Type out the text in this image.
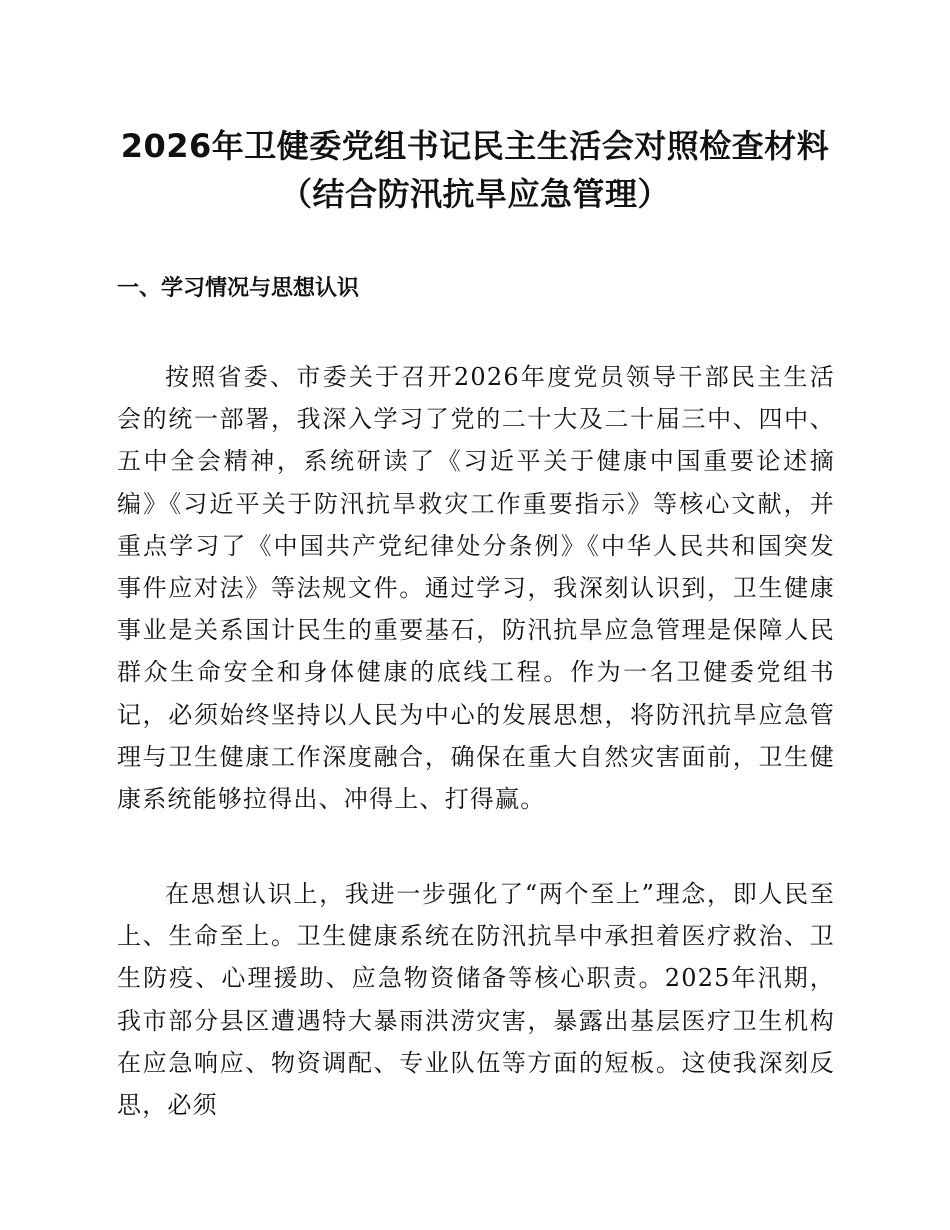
2026年卫健委党组书记民主生活会对照检查材料（结合防汛抗旱应急管理）
一、学习情况与思想认识

按照省委、市委关于召开2026年度党员领导干部民主生活会的统一部署，我深入学习了党的二十大及二十届三中、四中、五中全会精神，系统研读了《习近平关于健康中国重要论述摘编》《习近平关于防汛抗旱救灾工作重要指示》等核心文献，并重点学习了《中国共产党纪律处分条例》《中华人民共和国突发事件应对法》等法规文件。通过学习，我深刻认识到，卫生健康事业是关系国计民生的重要基石，防汛抗旱应急管理是保障人民群众生命安全和身体健康的底线工程。作为一名卫健委党组书记，必须始终坚持以人民为中心的发展思想，将防汛抗旱应急管理与卫生健康工作深度融合，确保在重大自然灾害面前，卫生健康系统能够拉得出、冲得上、打得赢。

在思想认识上，我进一步强化了“两个至上”理念，即人民至上、生命至上。卫生健康系统在防汛抗旱中承担着医疗救治、卫生防疫、心理援助、应急物资储备等核心职责。2025年汛期，我市部分县区遭遇特大暴雨洪涝灾害，暴露出基层医疗卫生机构在应急响应、物资调配、专业队伍等方面的短板。这使我深刻反思，必须
